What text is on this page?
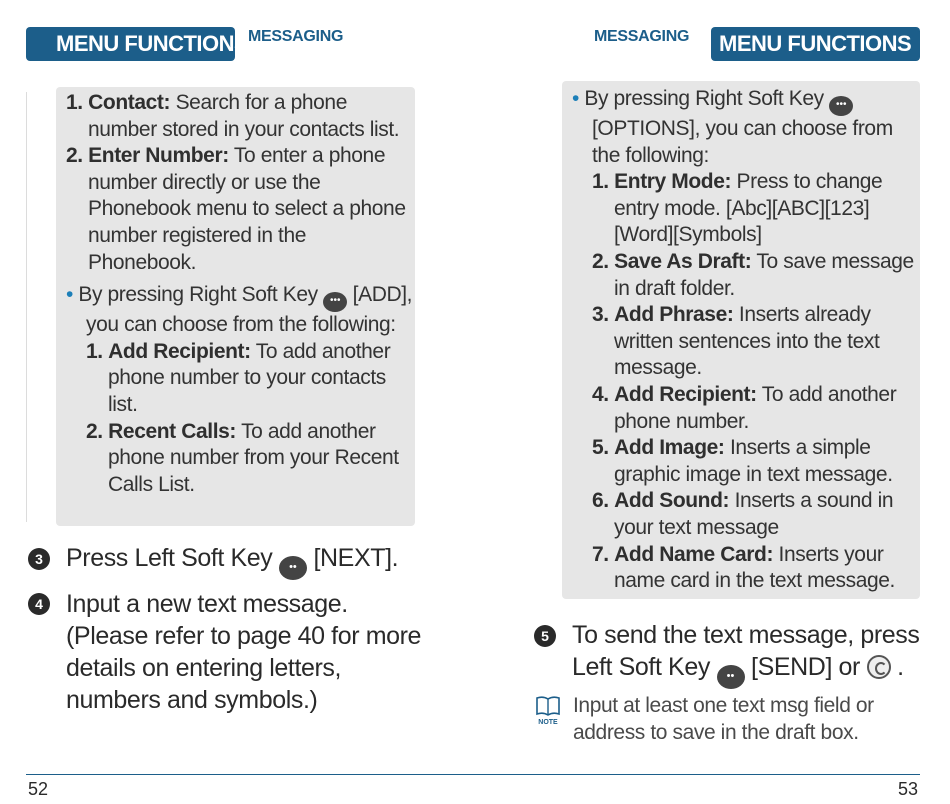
MENU FUNCTIONS MESSAGING
1. Contact: Search for a phone number stored in your contacts list.
2. Enter Number: To enter a phone number directly or use the Phonebook menu to select a phone number registered in the Phonebook.
• By pressing Right Soft Key ••• [ADD], you can choose from the following:
1. Add Recipient: To add another phone number to your contacts list.
2. Recent Calls: To add another phone number from your Recent Calls List.
3 Press Left Soft Key •• [NEXT].
4 Input a new text message. (Please refer to page 40 for more details on entering letters, numbers and symbols.)
MESSAGING	MENU FUNCTIONS
• By pressing Right Soft Key ••• [OPTIONS], you can choose from the following:
1. Entry Mode: Press to change entry mode. [Abc][ABC][123] [Word][Symbols]
2. Save As Draft: To save message in draft folder.
3. Add Phrase: Inserts already written sentences into the text message.
4. Add Recipient: To add another phone number.
5. Add Image: Inserts a simple graphic image in text message.
6. Add Sound: Inserts a sound in your text message
7. Add Name Card: Inserts your name card in the text message.
5 To send the text message, press Left Soft Key •• [SEND] or .
NOTE
Input at least one text msg field or address to save in the draft box.
52	53
